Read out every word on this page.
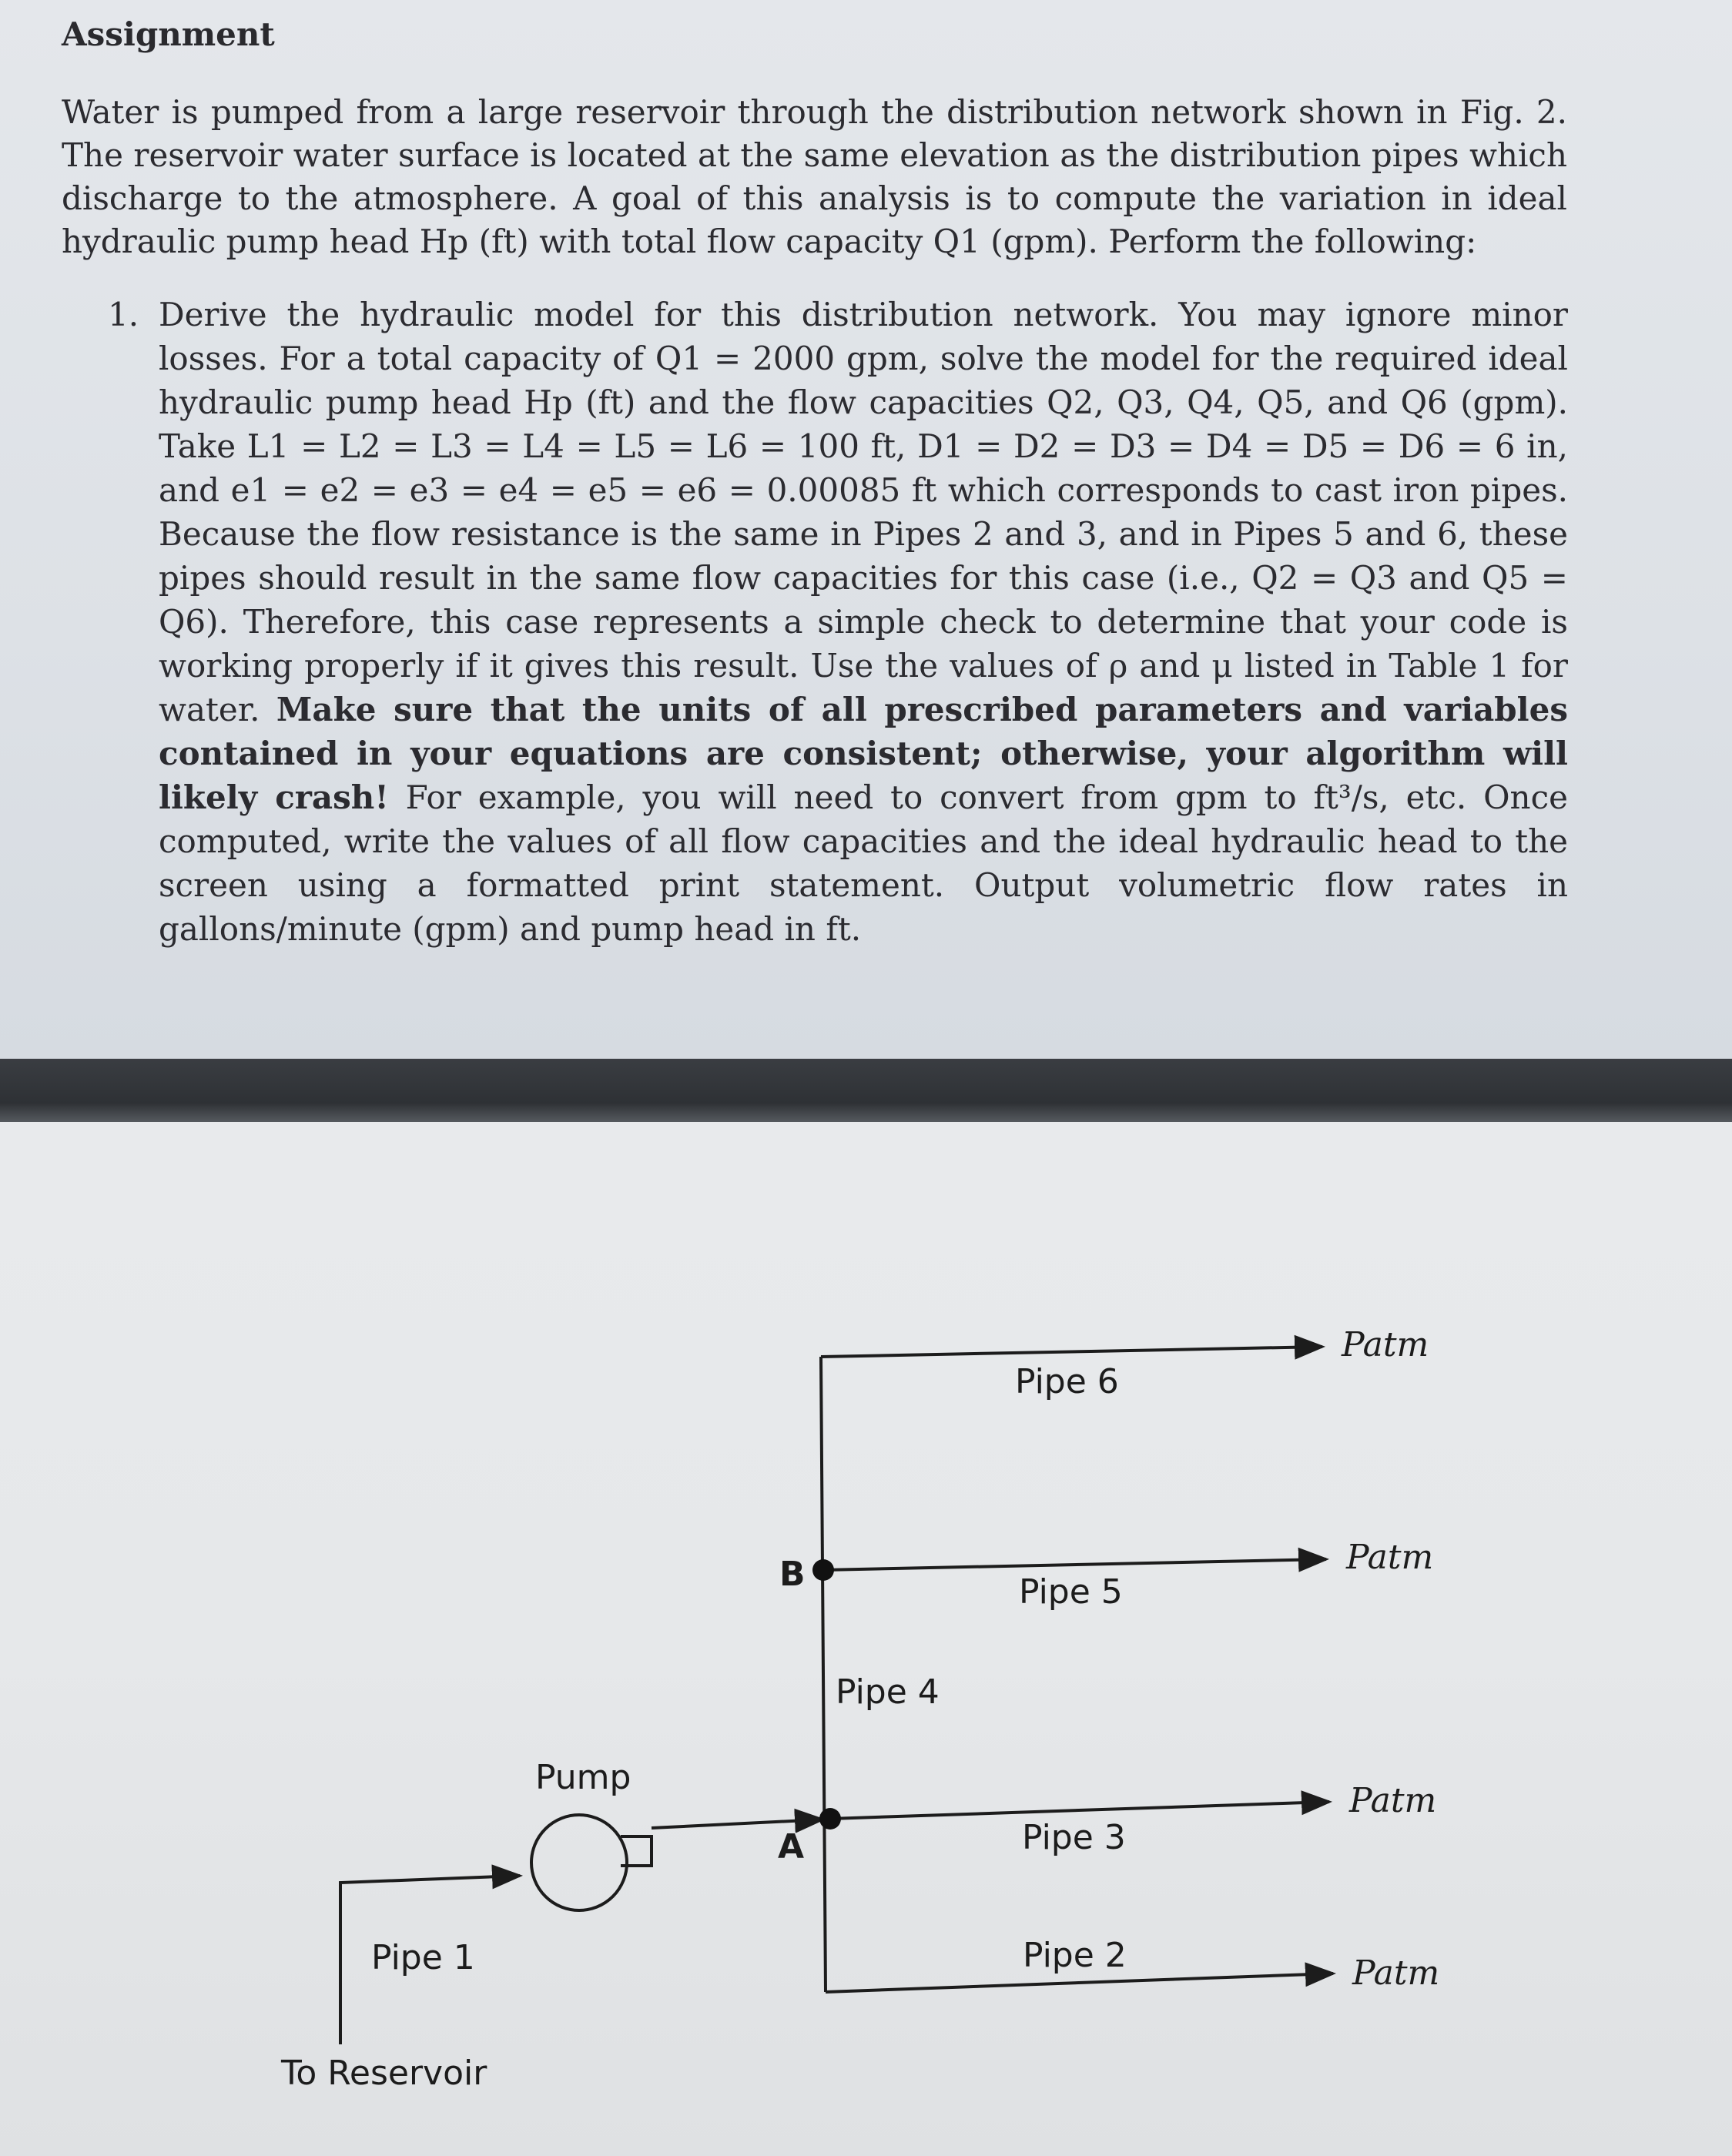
Assignment
Water is pumped from a large reservoir through the distribution network shown in Fig. 2. The reservoir water surface is located at the same elevation as the distribution pipes which discharge to the atmosphere. A goal of this analysis is to compute the variation in ideal hydraulic pump head Hp (ft) with total flow capacity Q1 (gpm). Perform the following:
1. Derive the hydraulic model for this distribution network. You may ignore minor losses. For a total capacity of Q1 = 2000 gpm, solve the model for the required ideal hydraulic pump head Hp (ft) and the flow capacities Q2, Q3, Q4, Q5, and Q6 (gpm). Take L1 = L2 = L3 = L4 = L5 = L6 = 100 ft, D1 = D2 = D3 = D4 = D5 = D6 = 6 in, and e1 = e2 = e3 = e4 = e5 = e6 = 0.00085 ft which corresponds to cast iron pipes. Because the flow resistance is the same in Pipes 2 and 3, and in Pipes 5 and 6, these pipes should result in the same flow capacities for this case (i.e., Q2 = Q3 and Q5 = Q6). Therefore, this case represents a simple check to determine that your code is working properly if it gives this result. Use the values of ρ and μ listed in Table 1 for water. Make sure that the units of all prescribed parameters and variables contained in your equations are consistent; otherwise, your algorithm will likely crash! For example, you will need to convert from gpm to ft³/s, etc. Once computed, write the values of all flow capacities and the ideal hydraulic head to the screen using a formatted print statement. Output volumetric flow rates in gallons/minute (gpm) and pump head in ft.
Pipe 6
Pipe 5
Pipe 4
Pipe 3
Pipe 2
Pipe 1
Pump
A
B
To Reservoir
Patm
Patm
Patm
Patm
